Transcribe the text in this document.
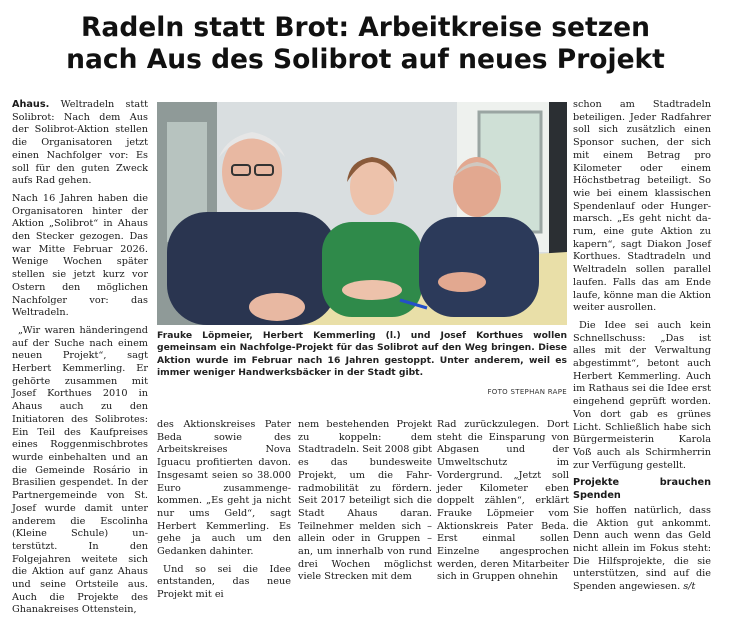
Radeln statt Brot: Arbeitkreise setzen
nach Aus des Solibrot auf neues Projekt

Ahaus. Weltradeln statt Solibrot: Nach dem Aus der Solibrot-Aktion stellen die Organisatoren jetzt einen Nachfolger vor: Es soll für den guten Zweck aufs Rad gehen.

Nach 16 Jahren haben die Organisatoren hinter der Aktion „Solibrot“ in Ahaus den Stecker gezogen. Das war Mitte Februar 2026. Wenige Wochen später stellen sie jetzt kurz vor Ostern den möglichen Nachfolger vor: das Weltradeln.

„Wir waren händeringend auf der Suche nach einem neuen Projekt“, sagt Herbert Kemmerling. Er gehörte zusammen mit Josef Korthues 2010 in Ahaus auch zu den Initiatoren des Solibrotes: Ein Teil des Kaufpreises eines Roggenmischbrotes wurde einbehalten und an die Gemeinde Rosário in Brasilien gespendet. In der Partnergemeinde von St. Josef wurde damit unter anderem die Escolinha (Kleine Schule) unterstützt. In den Folgejahren weitete sich die Aktion auf ganz Ahaus und seine Ortsteile aus. Auch die Projekte des Ghanakreises Ottenstein,

Frauke Löpmeier, Herbert Kemmerling (l.) und Josef Korthues wollen gemeinsam ein Nachfolge-Projekt für das Solibrot auf den Weg bringen. Diese Aktion wurde im Februar nach 16 Jahren gestoppt. Unter anderem, weil es immer weniger Handwerksbäcker in der Stadt gibt.
FOTO STEPHAN RAPE

des Aktionskreises Pater Beda sowie des Arbeitskreises Nova Iguacu profitierten davon. Insgesamt seien so 38.000 Euro zusammengekommen. „Es geht ja nicht nur ums Geld“, sagt Herbert Kemmerling. Es gehe ja auch um den Gedanken dahinter.

Und so sei die Idee entstanden, das neue Projekt mit ei

nem bestehenden Projekt zu koppeln: dem Stadtradeln. Seit 2008 gibt es das bundesweite Projekt, um die Fahrradmobilität zu fördern. Seit 2017 beteiligt sich die Stadt Ahaus daran. Teilnehmer melden sich – allein oder in Gruppen – an, um innerhalb von rund drei Wochen möglichst viele Strecken mit dem

Rad zurückzulegen. Dort steht die Einsparung von Abgasen und der Umweltschutz im Vordergrund. „Jetzt soll jeder Kilometer eben doppelt zählen“, erklärt Frauke Löpmeier vom Aktionskreis Pater Beda. Erst einmal sollen Einzelne angesprochen werden, deren Mitarbeiter sich in Gruppen ohnehin

schon am Stadtradeln beteiligen. Jeder Radfahrer soll sich zusätzlich einen Sponsor suchen, der sich mit einem Betrag pro Kilometer oder einem Höchstbetrag beteiligt. So wie bei einem klassischen Spendenlauf oder Hungermarsch. „Es geht nicht darum, eine gute Aktion zu kapern“, sagt Diakon Josef Korthues. Stadtradeln und Weltradeln sollen parallel laufen. Falls das am Ende laufe, könne man die Aktion weiter ausrollen.

Die Idee sei auch kein Schnellschuss: „Das ist alles mit der Verwaltung abgestimmt“, betont auch Herbert Kemmerling. Auch im Rathaus sei die Idee erst eingehend geprüft worden. Von dort gab es grünes Licht. Schließlich habe sich Bürgermeisterin Karola Voß auch als Schirmherrin zur Verfügung gestellt.

Projekte brauchen Spenden

Sie hoffen natürlich, dass die Aktion gut ankommt. Denn auch wenn das Geld nicht allein im Fokus steht: Die Hilfsprojekte, die sie unterstützen, sind auf die Spenden angewiesen. s/t
